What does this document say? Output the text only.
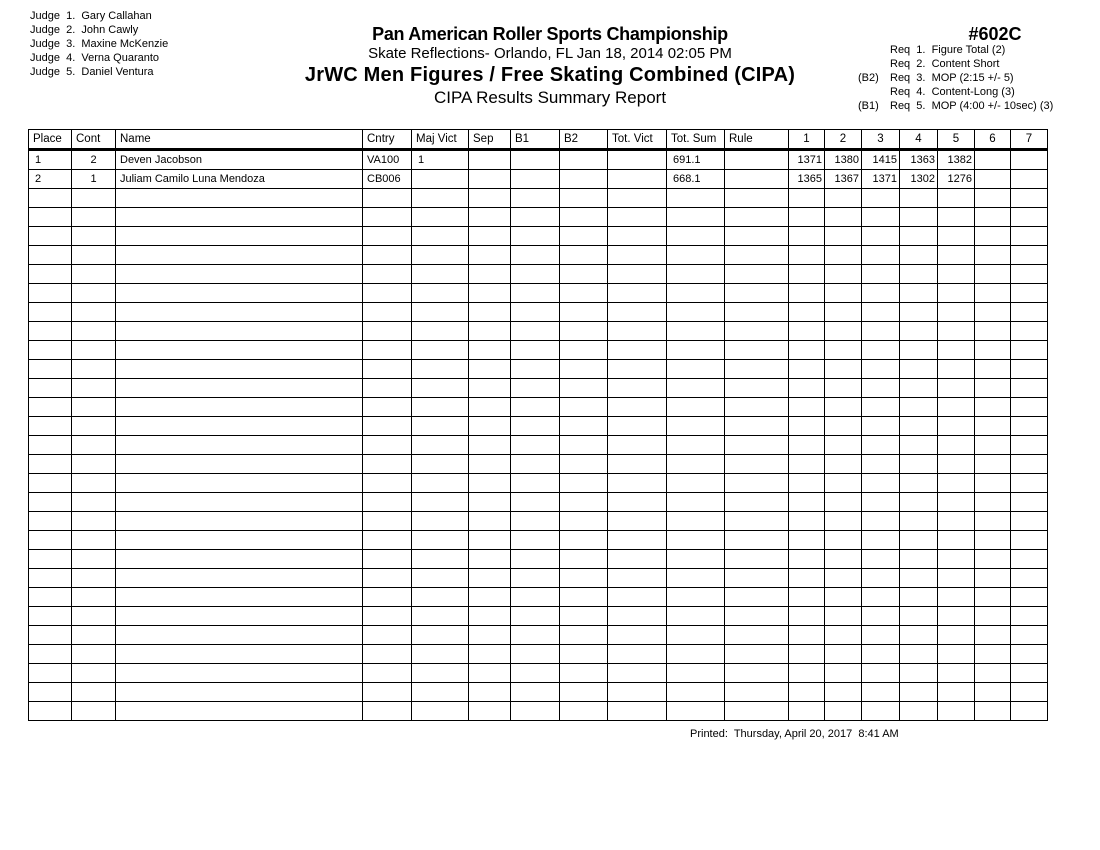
Judge  1.  Gary Callahan
Judge  2.  John Cawly
Judge  3.  Maxine McKenzie
Judge  4.  Verna Quaranto
Judge  5.  Daniel Ventura
Pan American Roller Sports Championship
Skate Reflections- Orlando, FL Jan 18, 2014 02:05 PM
JrWC Men Figures / Free Skating Combined (CIPA)
CIPA Results Summary Report
#602C
Req  1.  Figure Total (2)
Req  2.  Content Short
(B2)	Req  3.  MOP (2:15 +/- 5)
Req  4.  Content-Long (3)
(B1)	Req  5.  MOP (4:00 +/- 10sec) (3)
Place	Cont	Name	Cntry	Maj Vict	Sep	B1	B2	Tot. Vict	Tot. Sum	Rule	1	2	3	4	5	6	7
1	2	Deven Jacobson	VA100	1					691.1		1371	1380	1415	1363	1382		
2	1	Juliam Camilo Luna Mendoza	CB006						668.1		1365	1367	1371	1302	1276		

Printed:  Thursday, April 20, 2017  8:41 AM
